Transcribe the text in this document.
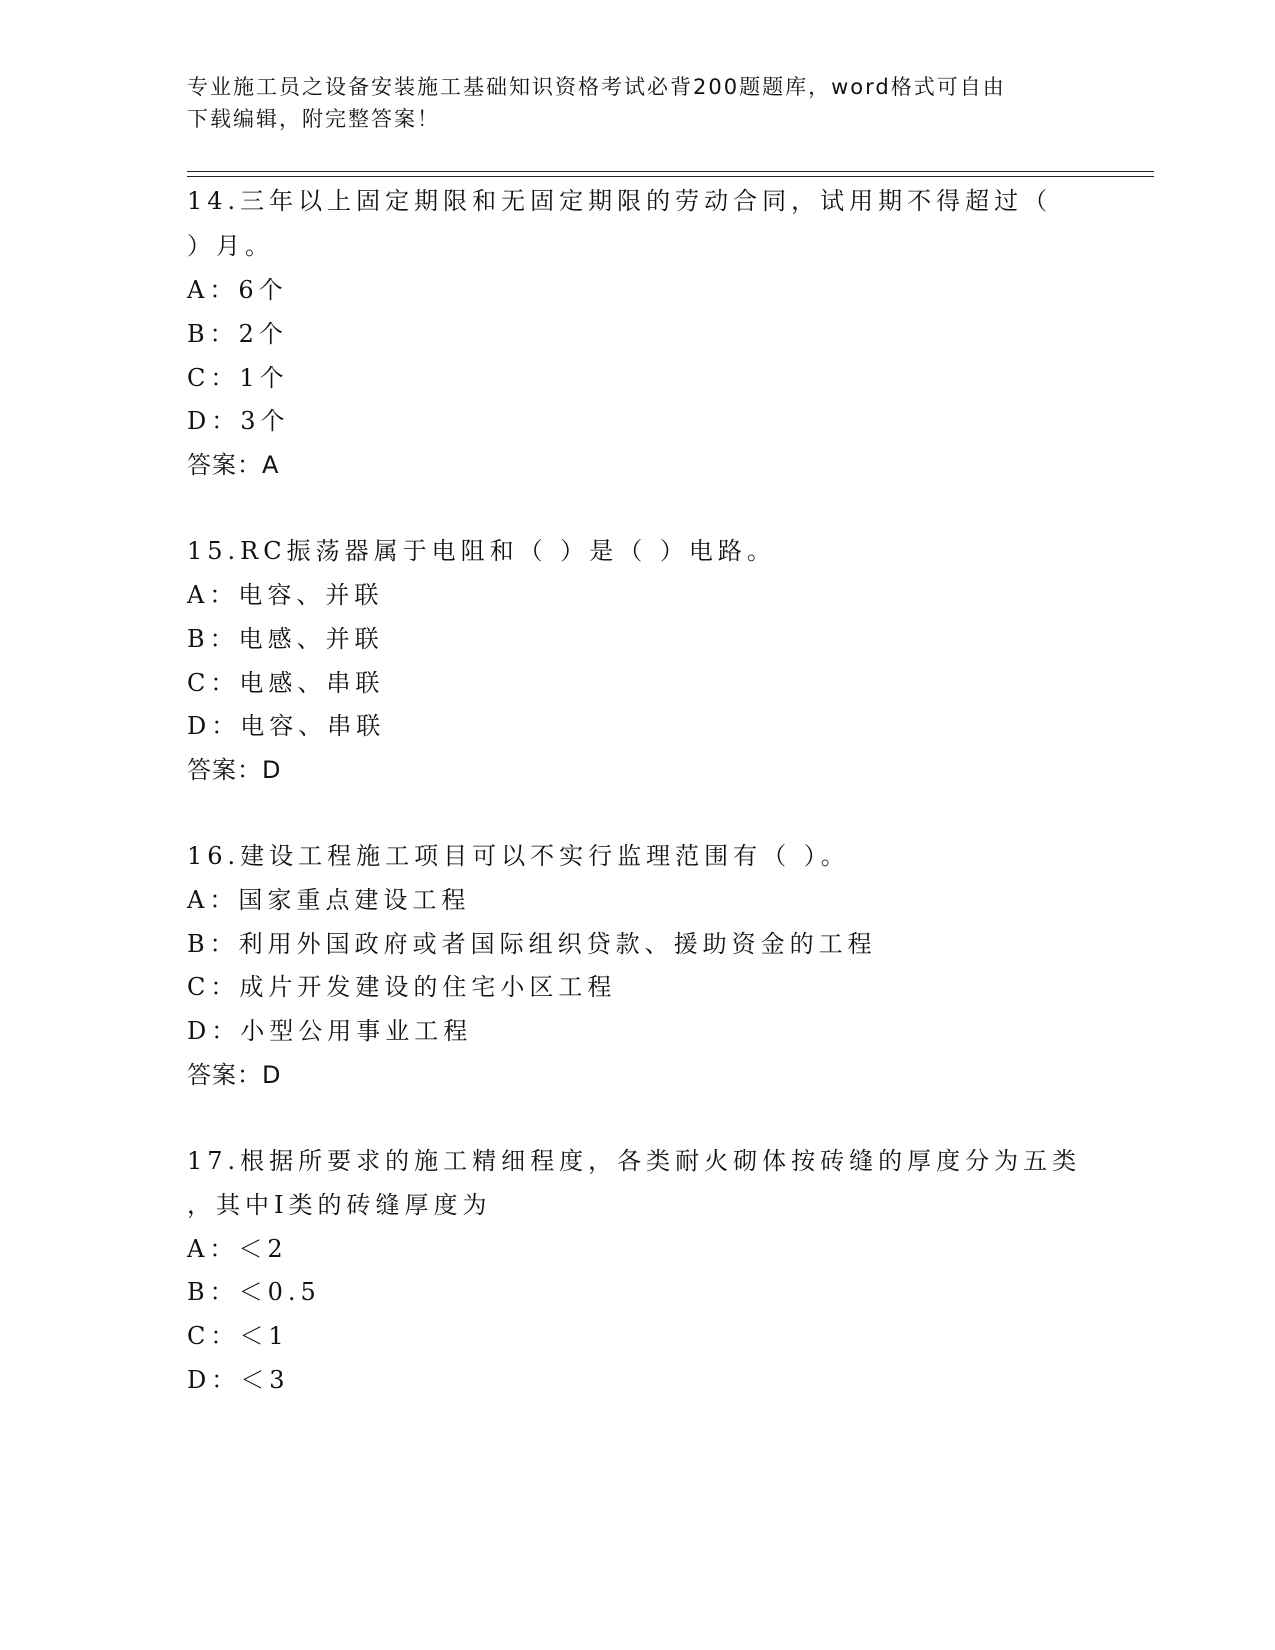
专业施工员之设备安装施工基础知识资格考试必背200题题库，word格式可自由
下载编辑，附完整答案！
14.三年以上固定期限和无固定期限的劳动合同，试用期不得超过（
）月。
A：6个
B：2个
C：1个
D：3个
答案：A
15.RC振荡器属于电阻和（ ）是（ ）电路。
A：电容、并联
B：电感、并联
C：电感、串联
D：电容、串联
答案：D
16.建设工程施工项目可以不实行监理范围有（ ）。
A：国家重点建设工程
B：利用外国政府或者国际组织贷款、援助资金的工程
C：成片开发建设的住宅小区工程
D：小型公用事业工程
答案：D
17.根据所要求的施工精细程度，各类耐火砌体按砖缝的厚度分为五类
，其中I类的砖缝厚度为
A：＜2
B：＜0.5
C：＜1
D：＜3
